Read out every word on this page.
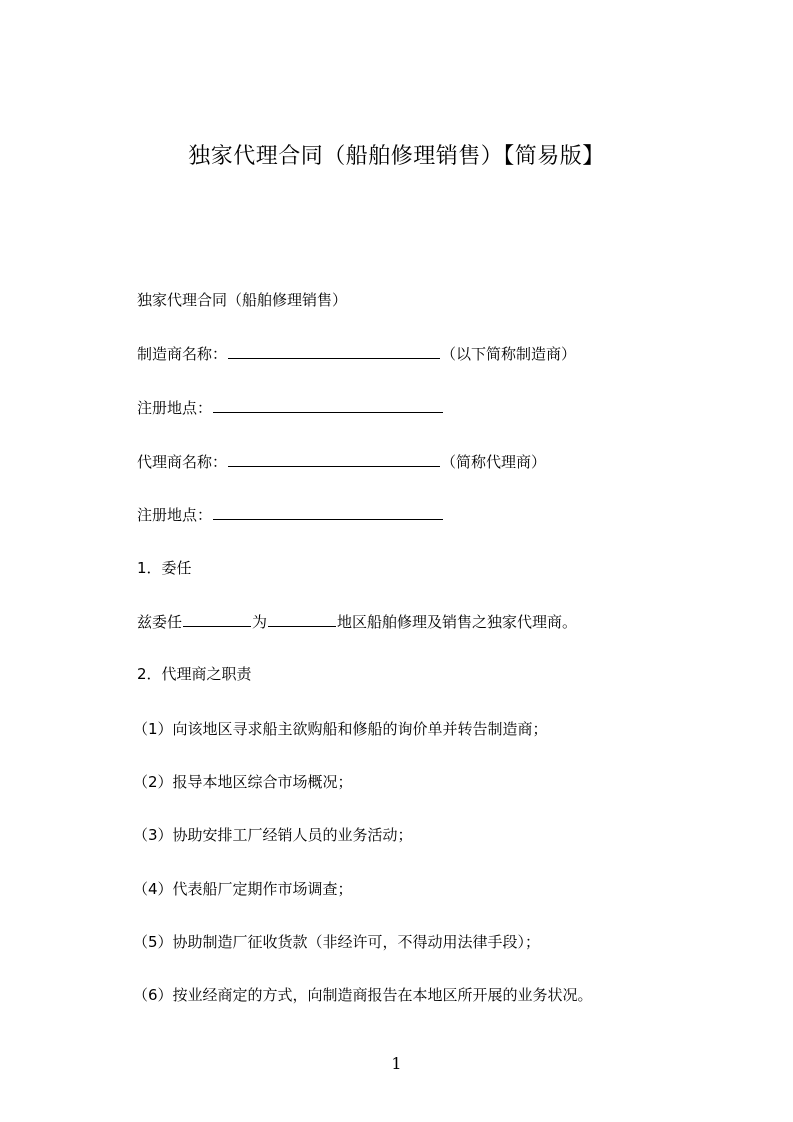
独家代理合同（船舶修理销售）【简易版】
独家代理合同（船舶修理销售）
制造商名称：	（以下简称制造商）
注册地点：
代理商名称：	（简称代理商）
注册地点：
1．委任
兹委任	为	地区船舶修理及销售之独家代理商。
2．代理商之职责
（1）向该地区寻求船主欲购船和修船的询价单并转告制造商；
（2）报导本地区综合市场概况；
（3）协助安排工厂经销人员的业务活动；
（4）代表船厂定期作市场调查；
（5）协助制造厂征收货款（非经许可，不得动用法律手段）；
（6）按业经商定的方式，向制造商报告在本地区所开展的业务状况。
1
